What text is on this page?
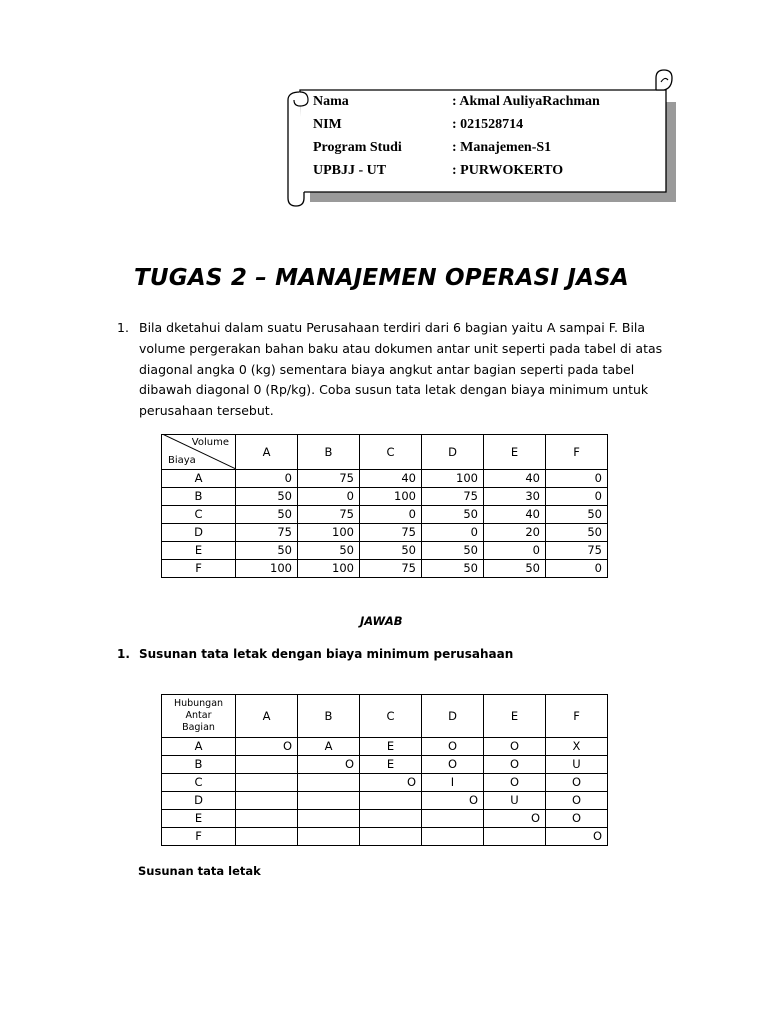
Nama	: Akmal AuliyaRachman
NIM	: 021528714
Program Studi	: Manajemen-S1
UPBJJ - UT	: PURWOKERTO
TUGAS 2 – MANAJEMEN OPERASI JASA
1. Bila dketahui dalam suatu Perusahaan terdiri dari 6 bagian yaitu A sampai F. Bila
volume pergerakan bahan baku atau dokumen antar unit seperti pada tabel di atas
diagonal angka 0 (kg) sementara biaya angkut antar bagian seperti pada tabel
dibawah diagonal 0 (Rp/kg). Coba susun tata letak dengan biaya minimum untuk
perusahaan tersebut.
Volume
Biaya	A	B	C	D	E	F
A	0	75	40	100	40	0
B	50	0	100	75	30	0
C	50	75	0	50	40	50
D	75	100	75	0	20	50
E	50	50	50	50	0	75
F	100	100	75	50	50	0

JAWAB

1. Susunan tata letak dengan biaya minimum perusahaan
Hubungan
Antar
Bagian	A	B	C	D	E	F
A	O	A	E	O	O	X
B		O	E	O	O	U
C			O	I	O	O
D				O	U	O
E					O	O
F						O

Susunan tata letak
